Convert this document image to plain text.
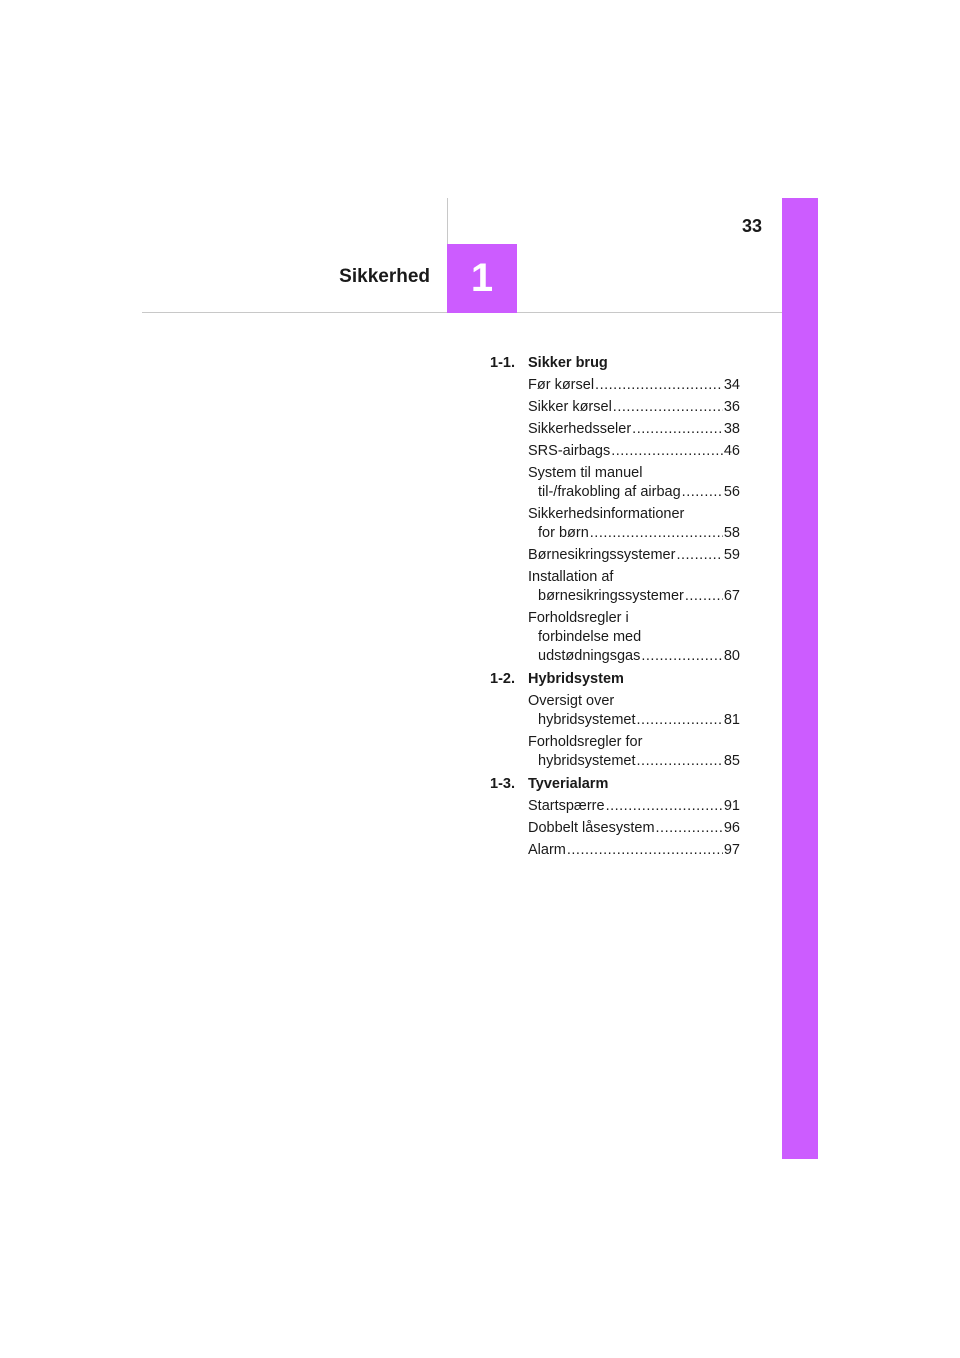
33
Sikkerhed 1
1-1. Sikker brug
Før kørsel .....	34
Sikker kørsel .....	36
Sikkerhedsseler .....	38
SRS-airbags .....	46
System til manuel
til-/frakobling af airbag .....	56
Sikkerhedsinformationer
for børn .....	58
Børnesikringssystemer .....	59
Installation af
børnesikringssystemer .....	67
Forholdsregler i
forbindelse med
udstødningsgas .....	80
1-2. Hybridsystem
Oversigt over
hybridsystemet .....	81
Forholdsregler for
hybridsystemet .....	85
1-3. Tyverialarm
Startspærre .....	91
Dobbelt låsesystem .....	96
Alarm .....	97
